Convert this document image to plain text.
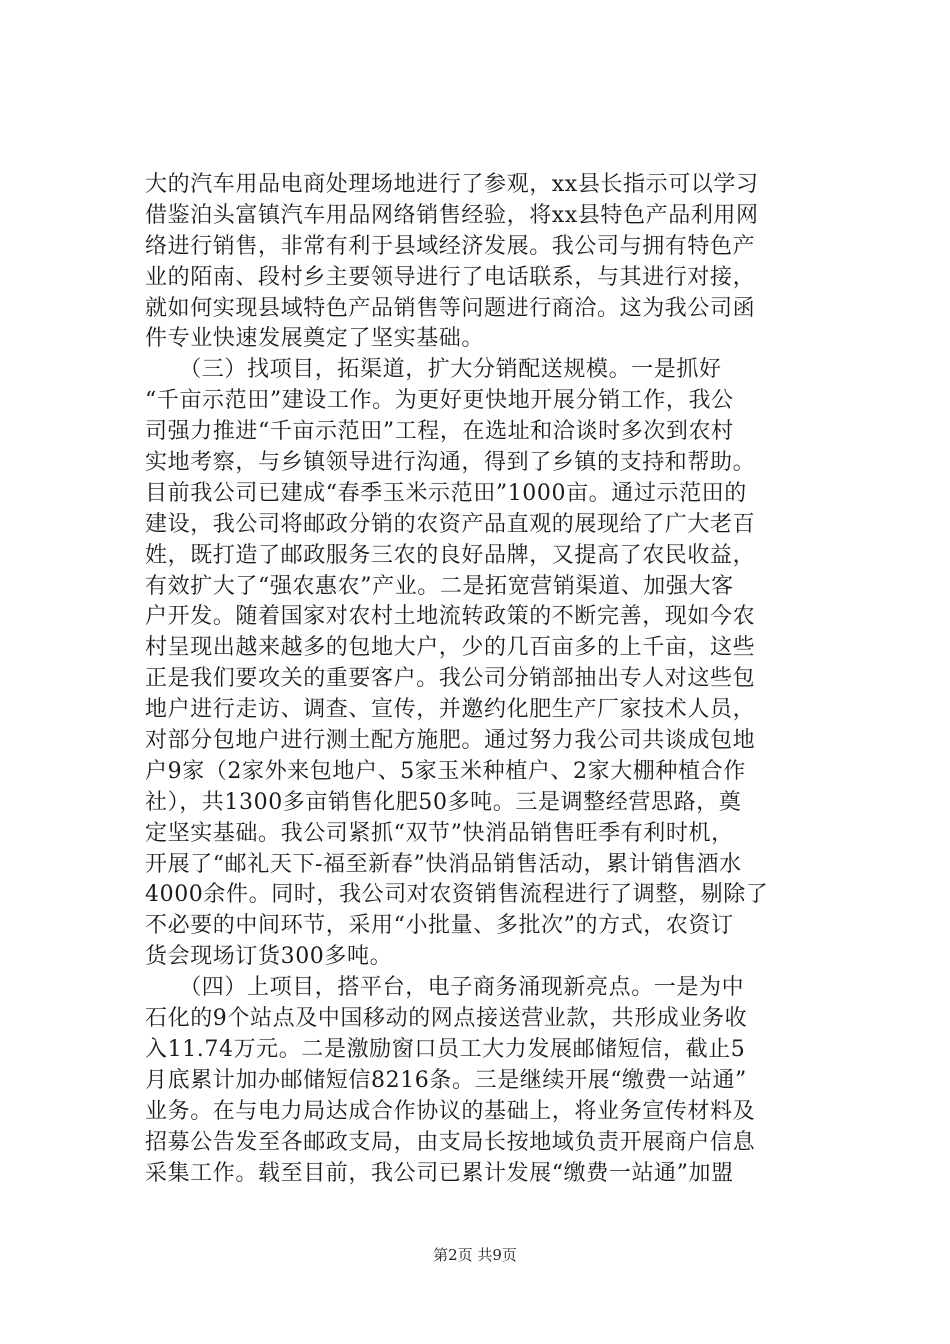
大的汽车用品电商处理场地进行了参观，xx县长指示可以学习
借鉴泊头富镇汽车用品网络销售经验，将xx县特色产品利用网
络进行销售，非常有利于县域经济发展。我公司与拥有特色产
业的陌南、段村乡主要领导进行了电话联系，与其进行对接，
就如何实现县域特色产品销售等问题进行商洽。这为我公司函
件专业快速发展奠定了坚实基础。
　　（三）找项目，拓渠道，扩大分销配送规模。一是抓好
“千亩示范田”建设工作。为更好更快地开展分销工作，我公
司强力推进“千亩示范田”工程，在选址和洽谈时多次到农村
实地考察，与乡镇领导进行沟通，得到了乡镇的支持和帮助。
目前我公司已建成“春季玉米示范田”1000亩。通过示范田的
建设，我公司将邮政分销的农资产品直观的展现给了广大老百
姓，既打造了邮政服务三农的良好品牌，又提高了农民收益，
有效扩大了“强农惠农”产业。二是拓宽营销渠道、加强大客
户开发。随着国家对农村土地流转政策的不断完善，现如今农
村呈现出越来越多的包地大户，少的几百亩多的上千亩，这些
正是我们要攻关的重要客户。我公司分销部抽出专人对这些包
地户进行走访、调查、宣传，并邀约化肥生产厂家技术人员，
对部分包地户进行测土配方施肥。通过努力我公司共谈成包地
户9家（2家外来包地户、5家玉米种植户、2家大棚种植合作
社），共1300多亩销售化肥50多吨。三是调整经营思路，奠
定坚实基础。我公司紧抓“双节”快消品销售旺季有利时机，
开展了“邮礼天下-福至新春”快消品销售活动，累计销售酒水
4000余件。同时，我公司对农资销售流程进行了调整，剔除了
不必要的中间环节，采用“小批量、多批次”的方式，农资订
货会现场订货300多吨。
　　（四）上项目，搭平台，电子商务涌现新亮点。一是为中
石化的9个站点及中国移动的网点接送营业款，共形成业务收
入11.74万元。二是激励窗口员工大力发展邮储短信，截止5
月底累计加办邮储短信8216条。三是继续开展“缴费一站通”
业务。在与电力局达成合作协议的基础上，将业务宣传材料及
招募公告发至各邮政支局，由支局长按地域负责开展商户信息
采集工作。载至目前，我公司已累计发展“缴费一站通”加盟
第2页 共9页
